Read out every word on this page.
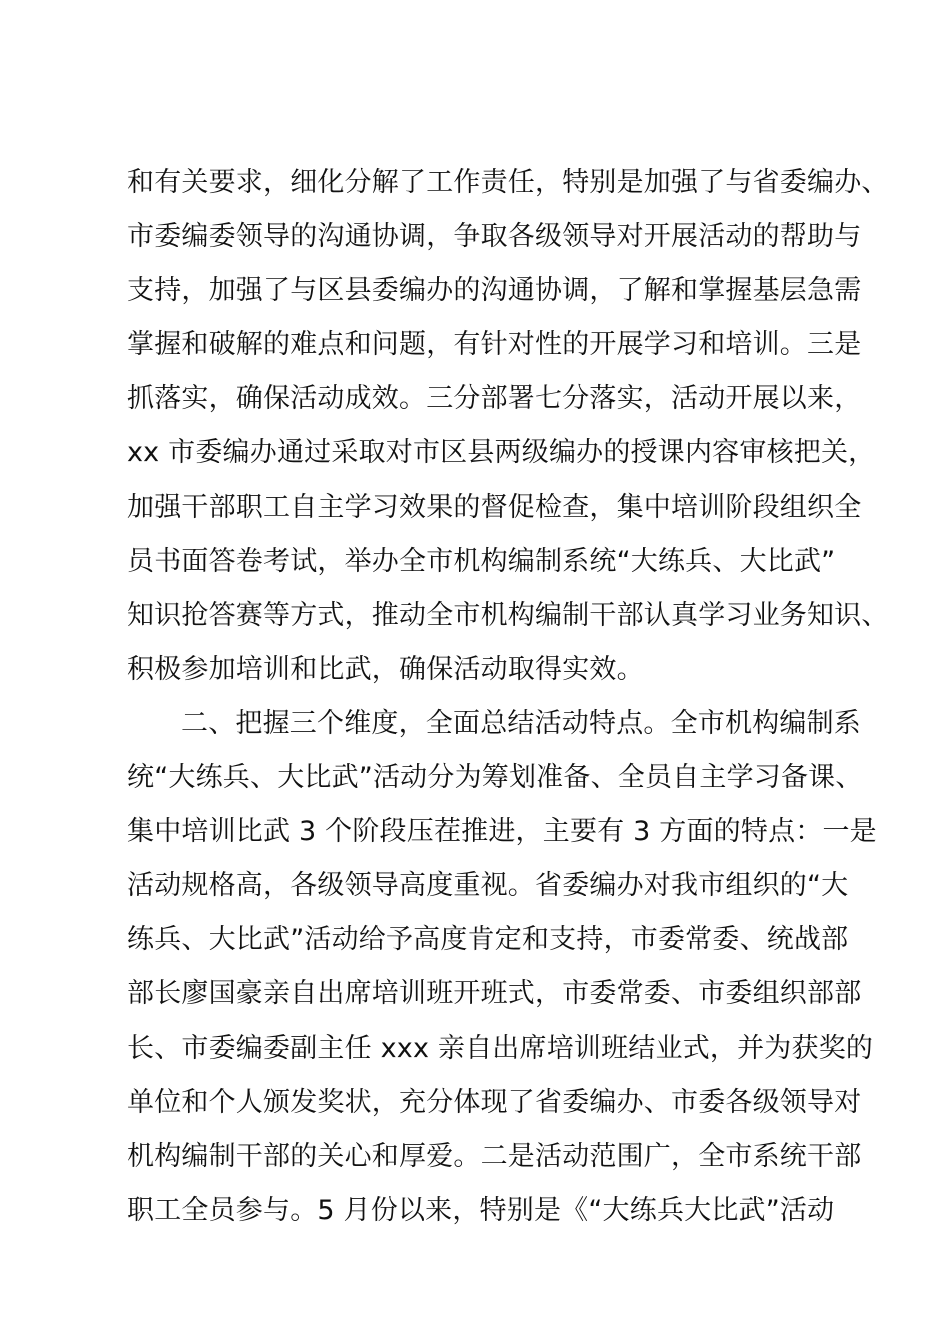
和有关要求，细化分解了工作责任，特别是加强了与省委编办、
市委编委领导的沟通协调，争取各级领导对开展活动的帮助与
支持，加强了与区县委编办的沟通协调，了解和掌握基层急需
掌握和破解的难点和问题，有针对性的开展学习和培训。三是
抓落实，确保活动成效。三分部署七分落实，活动开展以来，
xx 市委编办通过采取对市区县两级编办的授课内容审核把关，
加强干部职工自主学习效果的督促检查，集中培训阶段组织全
员书面答卷考试，举办全市机构编制系统“大练兵、大比武”
知识抢答赛等方式，推动全市机构编制干部认真学习业务知识、
积极参加培训和比武，确保活动取得实效。
二、把握三个维度，全面总结活动特点。全市机构编制系
统“大练兵、大比武”活动分为筹划准备、全员自主学习备课、
集中培训比武 3 个阶段压茬推进，主要有 3 方面的特点：一是
活动规格高，各级领导高度重视。省委编办对我市组织的“大
练兵、大比武”活动给予高度肯定和支持，市委常委、统战部
部长廖国豪亲自出席培训班开班式，市委常委、市委组织部部
长、市委编委副主任 xxx 亲自出席培训班结业式，并为获奖的
单位和个人颁发奖状，充分体现了省委编办、市委各级领导对
机构编制干部的关心和厚爱。二是活动范围广，全市系统干部
职工全员参与。5 月份以来，特别是《“大练兵大比武”活动
